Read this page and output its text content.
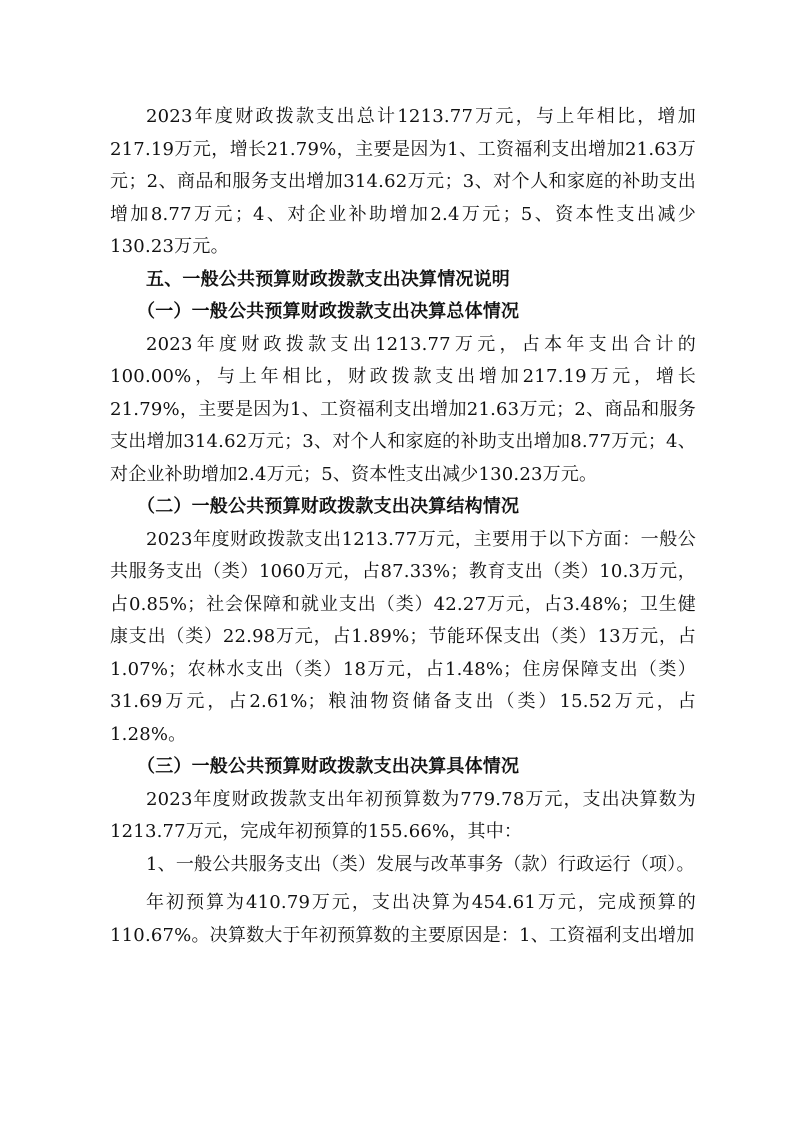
2023年度财政拨款支出总计1213.77万元，与上年相比，增加217.19万元，增长21.79%，主要是因为1、工资福利支出增加21.63万元；2、商品和服务支出增加314.62万元；3、对个人和家庭的补助支出增加8.77万元；4、对企业补助增加2.4万元；5、资本性支出减少130.23万元。

五、一般公共预算财政拨款支出决算情况说明

（一）一般公共预算财政拨款支出决算总体情况

2023年度财政拨款支出1213.77万元，占本年支出合计的100.00%，与上年相比，财政拨款支出增加217.19万元，增长21.79%，主要是因为1、工资福利支出增加21.63万元；2、商品和服务支出增加314.62万元；3、对个人和家庭的补助支出增加8.77万元；4、对企业补助增加2.4万元；5、资本性支出减少130.23万元。

（二）一般公共预算财政拨款支出决算结构情况

2023年度财政拨款支出1213.77万元，主要用于以下方面：一般公共服务支出（类）1060万元，占87.33%；教育支出（类）10.3万元，占0.85%；社会保障和就业支出（类）42.27万元，占3.48%；卫生健康支出（类）22.98万元，占1.89%；节能环保支出（类）13万元，占1.07%；农林水支出（类）18万元，占1.48%；住房保障支出（类）31.69万元，占2.61%；粮油物资储备支出（类）15.52万元，占1.28%。

（三）一般公共预算财政拨款支出决算具体情况

2023年度财政拨款支出年初预算数为779.78万元，支出决算数为1213.77万元，完成年初预算的155.66%，其中：

1、一般公共服务支出（类）发展与改革事务（款）行政运行（项）。

年初预算为410.79万元，支出决算为454.61万元，完成预算的110.67%。决算数大于年初预算数的主要原因是：1、工资福利支出增加
